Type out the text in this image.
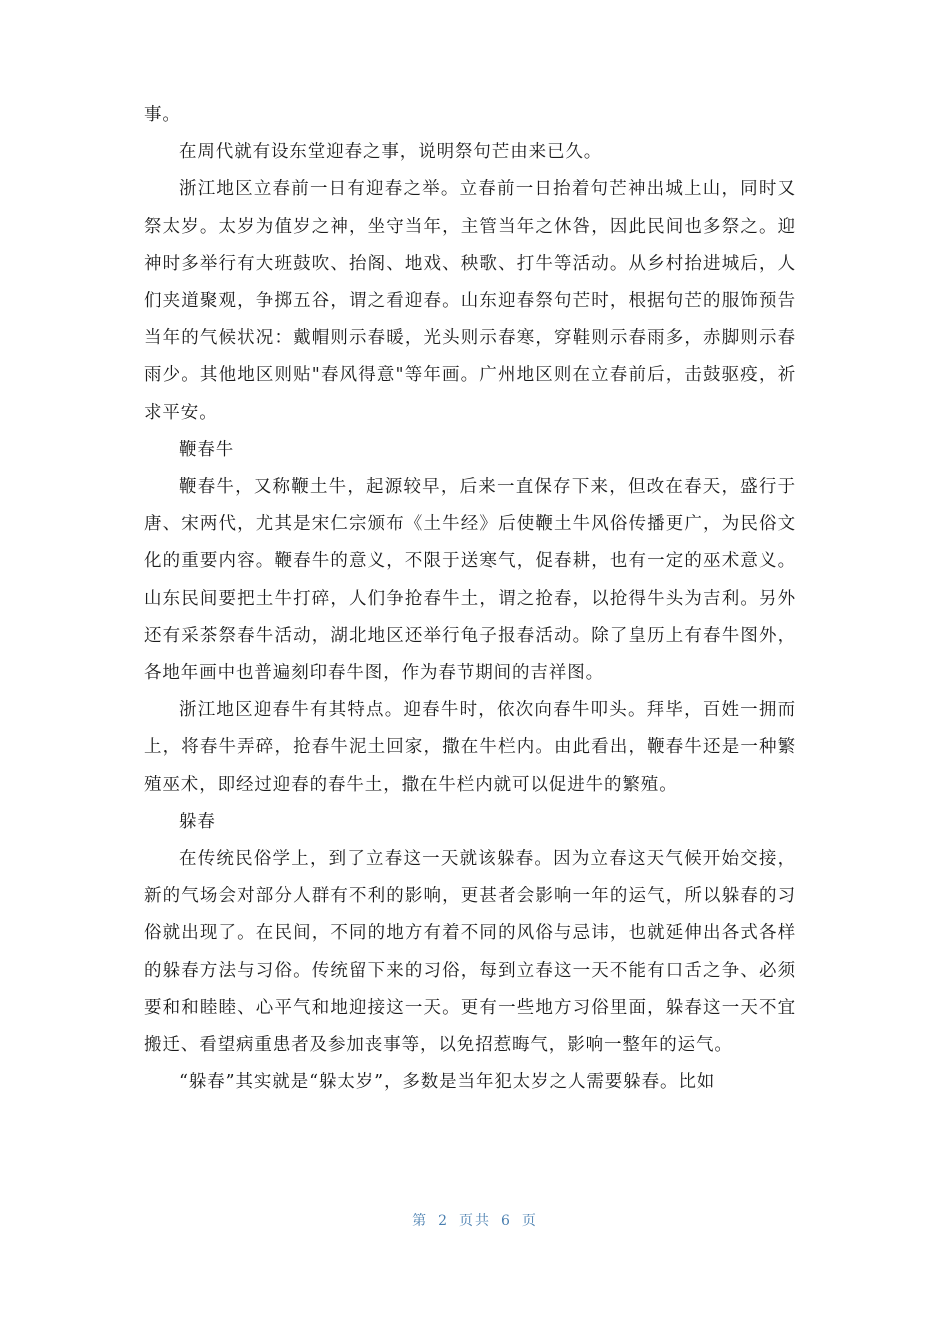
事。

在周代就有设东堂迎春之事，说明祭句芒由来已久。

浙江地区立春前一日有迎春之举。立春前一日抬着句芒神出城上山，同时又祭太岁。太岁为值岁之神，坐守当年，主管当年之休咎，因此民间也多祭之。迎神时多举行有大班鼓吹、抬阁、地戏、秧歌、打牛等活动。从乡村抬进城后，人们夹道聚观，争掷五谷，谓之看迎春。山东迎春祭句芒时，根据句芒的服饰预告当年的气候状况：戴帽则示春暖，光头则示春寒，穿鞋则示春雨多，赤脚则示春雨少。其他地区则贴"春风得意"等年画。广州地区则在立春前后，击鼓驱疫，祈求平安。

鞭春牛

鞭春牛，又称鞭土牛，起源较早，后来一直保存下来，但改在春天，盛行于唐、宋两代，尤其是宋仁宗颁布《土牛经》后使鞭土牛风俗传播更广，为民俗文化的重要内容。鞭春牛的意义，不限于送寒气，促春耕，也有一定的巫术意义。山东民间要把土牛打碎，人们争抢春牛土，谓之抢春，以抢得牛头为吉利。另外还有采茶祭春牛活动，湖北地区还举行龟子报春活动。除了皇历上有春牛图外，各地年画中也普遍刻印春牛图，作为春节期间的吉祥图。

浙江地区迎春牛有其特点。迎春牛时，依次向春牛叩头。拜毕，百姓一拥而上，将春牛弄碎，抢春牛泥土回家，撒在牛栏内。由此看出，鞭春牛还是一种繁殖巫术，即经过迎春的春牛土，撒在牛栏内就可以促进牛的繁殖。

躲春

在传统民俗学上，到了立春这一天就该躲春。因为立春这天气候开始交接，新的气场会对部分人群有不利的影响，更甚者会影响一年的运气，所以躲春的习俗就出现了。在民间，不同的地方有着不同的风俗与忌讳，也就延伸出各式各样的躲春方法与习俗。传统留下来的习俗，每到立春这一天不能有口舌之争、必须要和和睦睦、心平气和地迎接这一天。更有一些地方习俗里面，躲春这一天不宜搬迁、看望病重患者及参加丧事等，以免招惹晦气，影响一整年的运气。

“躲春”其实就是“躲太岁”，多数是当年犯太岁之人需要躲春。比如

第 2 页共 6 页
